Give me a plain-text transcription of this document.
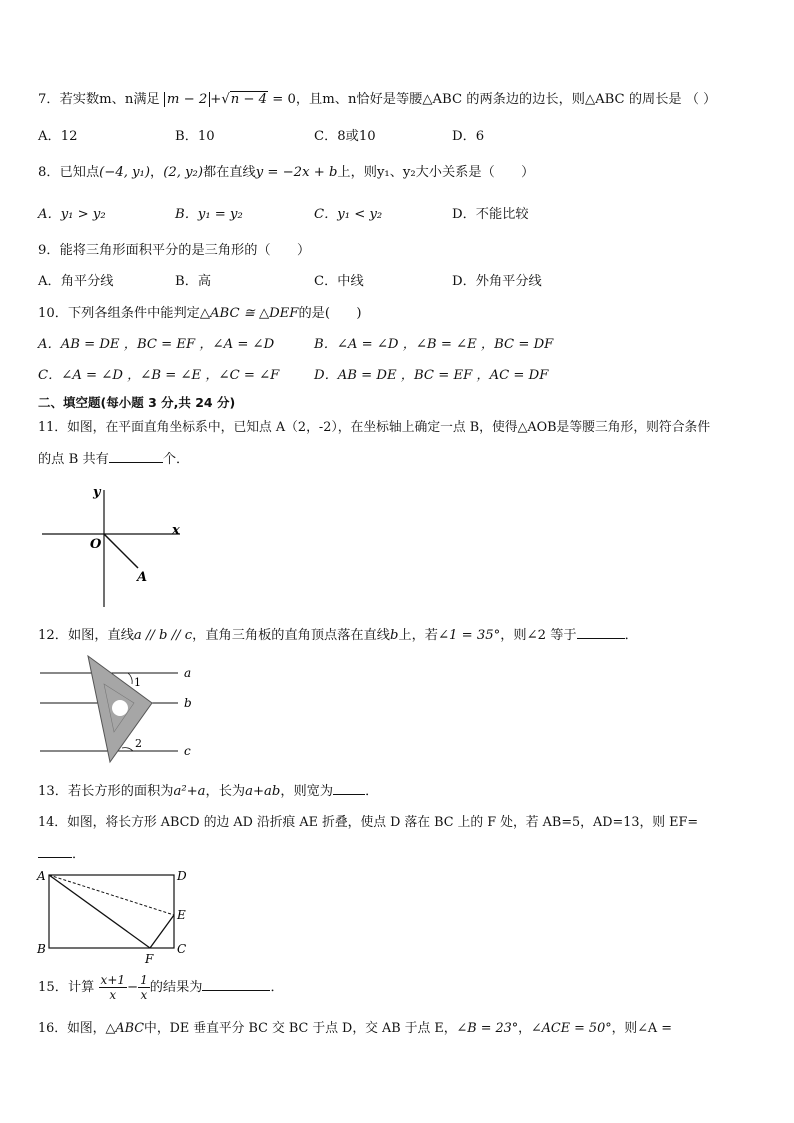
7．若实数m、n满足 m − 2 +√n − 4 = 0，且m、n恰好是等腰△ABC 的两条边的边长，则△ABC 的周长是 （ ）
A．12	B．10	C．8或10	D．6
8．已知点(−4, y₁)，(2, y₂)都在直线y = −2x + b上，则y₁、y₂大小关系是（　　）
A．y₁ > y₂	B．y₁ = y₂	C．y₁ < y₂	D．不能比较
9．能将三角形面积平分的是三角形的（　　）
A．角平分线	B．高	C．中线	D．外角平分线
10．下列各组条件中能判定△ABC ≅ △DEF的是(　　)
A．AB = DE ，BC = EF ，∠A = ∠D	B．∠A = ∠D ，∠B = ∠E ，BC = DF
C．∠A = ∠D ，∠B = ∠E ，∠C = ∠F	D．AB = DE ，BC = EF ，AC = DF
二、填空题(每小题 3 分,共 24 分)
11．如图，在平面直角坐标系中，已知点 A（2，-2），在坐标轴上确定一点 B，使得△AOB是等腰三角形，则符合条件
的点 B 共有	个．
y
x
O
A
12．如图，直线a // b // c，直角三角板的直角顶点落在直线b上，若∠1 = 35°，则∠2 等于	．
a
b
c
1
2
13．若长方形的面积为a²+a，长为a+ab，则宽为 ．
14．如图，将长方形 ABCD 的边 AD 沿折痕 AE 折叠，使点 D 落在 BC 上的 F 处，若 AB=5，AD=13，则 EF=
．
A	D
E
B	C
F
15．计算 $\frac{x+1}{x} - \frac{1}{x}$ 的结果为	．
16．如图，△ABC中，DE 垂直平分 BC 交 BC 于点 D，交 AB 于点 E，∠B = 23°，∠ACE = 50°，则∠A =
